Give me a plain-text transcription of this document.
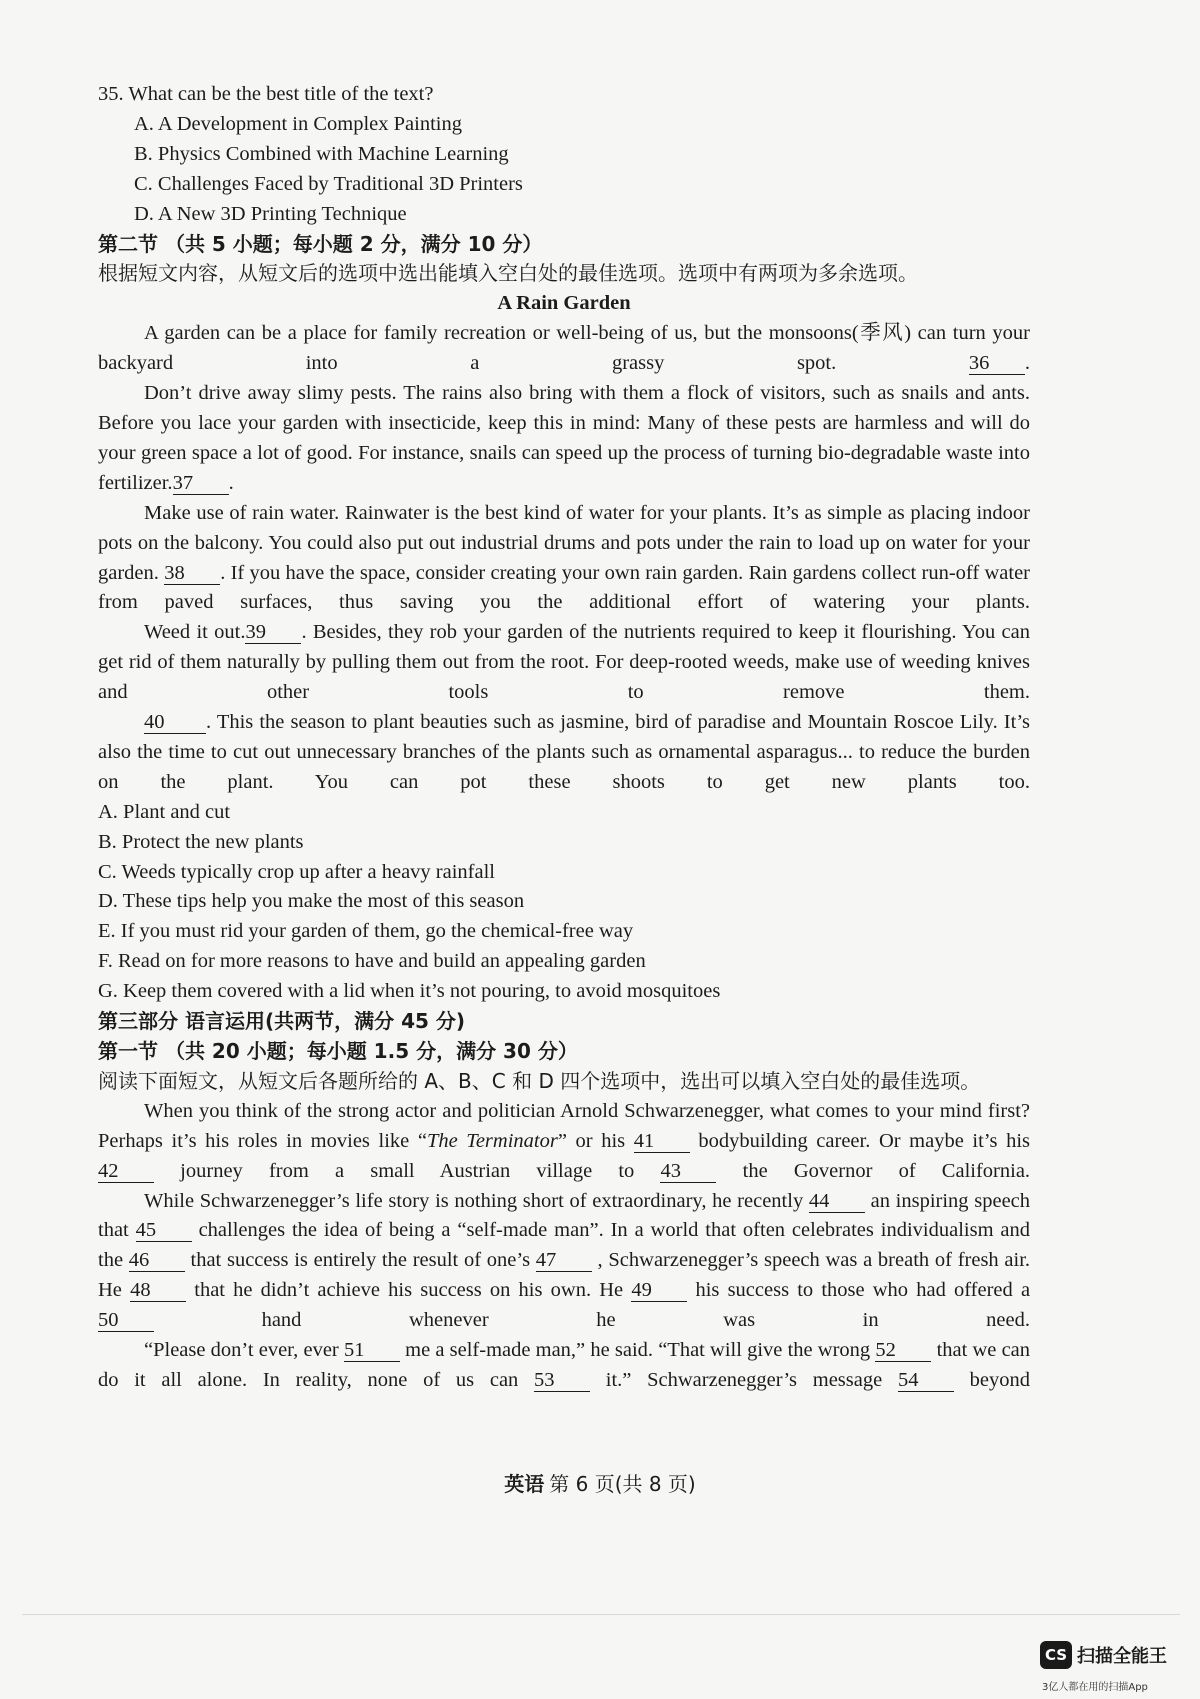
35. What can be the best title of the text?
A. A Development in Complex Painting
B. Physics Combined with Machine Learning
C. Challenges Faced by Traditional 3D Printers
D. A New 3D Printing Technique
第二节 （共 5 小题；每小题 2 分，满分 10 分）
根据短文内容，从短文后的选项中选出能填入空白处的最佳选项。选项中有两项为多余选项。
A Rain Garden
A garden can be a place for family recreation or well-being of us, but the monsoons(季风) can turn your backyard into a grassy spot.	36 .
Don’t drive away slimy pests. The rains also bring with them a flock of visitors, such as snails and ants. Before you lace your garden with insecticide, keep this in mind: Many of these pests are harmless and will do your green space a lot of good. For instance, snails can speed up the process of turning bio-degradable waste into fertilizer.37 .
Make use of rain water. Rainwater is the best kind of water for your plants. It’s as simple as placing indoor pots on the balcony. You could also put out industrial drums and pots under the rain to load up on water for your garden. 38 . If you have the space, consider creating your own rain garden. Rain gardens collect run-off water from paved surfaces, thus saving you the additional effort of watering your plants.
Weed it out.39 . Besides, they rob your garden of the nutrients required to keep it flourishing. You can get rid of them naturally by pulling them out from the root. For deep-rooted weeds, make use of weeding knives and other tools to remove them.
40 . This the season to plant beauties such as jasmine, bird of paradise and Mountain Roscoe Lily. It’s also the time to cut out unnecessary branches of the plants such as ornamental asparagus... to reduce the burden on the plant. You can pot these shoots to get new plants too.
A. Plant and cut
B. Protect the new plants
C. Weeds typically crop up after a heavy rainfall
D. These tips help you make the most of this season
E. If you must rid your garden of them, go the chemical-free way
F. Read on for more reasons to have and build an appealing garden
G. Keep them covered with a lid when it’s not pouring, to avoid mosquitoes
第三部分 语言运用(共两节，满分 45 分)
第一节 （共 20 小题；每小题 1.5 分，满分 30 分）
阅读下面短文，从短文后各题所给的 A、B、C 和 D 四个选项中，选出可以填入空白处的最佳选项。
When you think of the strong actor and politician Arnold Schwarzenegger, what comes to your mind first? Perhaps it’s his roles in movies like “The Terminator” or his 41 bodybuilding career. Or maybe it’s his 42	journey from a small Austrian village to 43	the Governor of California.
While Schwarzenegger’s life story is nothing short of extraordinary, he recently 44 an inspiring speech that 45 challenges the idea of being a “self-made man”. In a world that often celebrates individualism and the 46 that success is entirely the result of one’s 47 , Schwarzenegger’s speech was a breath of fresh air. He 48 that he didn’t achieve his success on his own. He 49 his success to those who had offered a 50	hand whenever he was in need.
“Please don’t ever, ever 51 me a self-made man,” he said. “That will give the wrong 52 that we can do it all alone. In reality, none of us can 53 it.” Schwarzenegger’s message 54 beyond
英语 第 6 页(共 8 页)
CS 扫描全能王
3亿人都在用的扫描App
